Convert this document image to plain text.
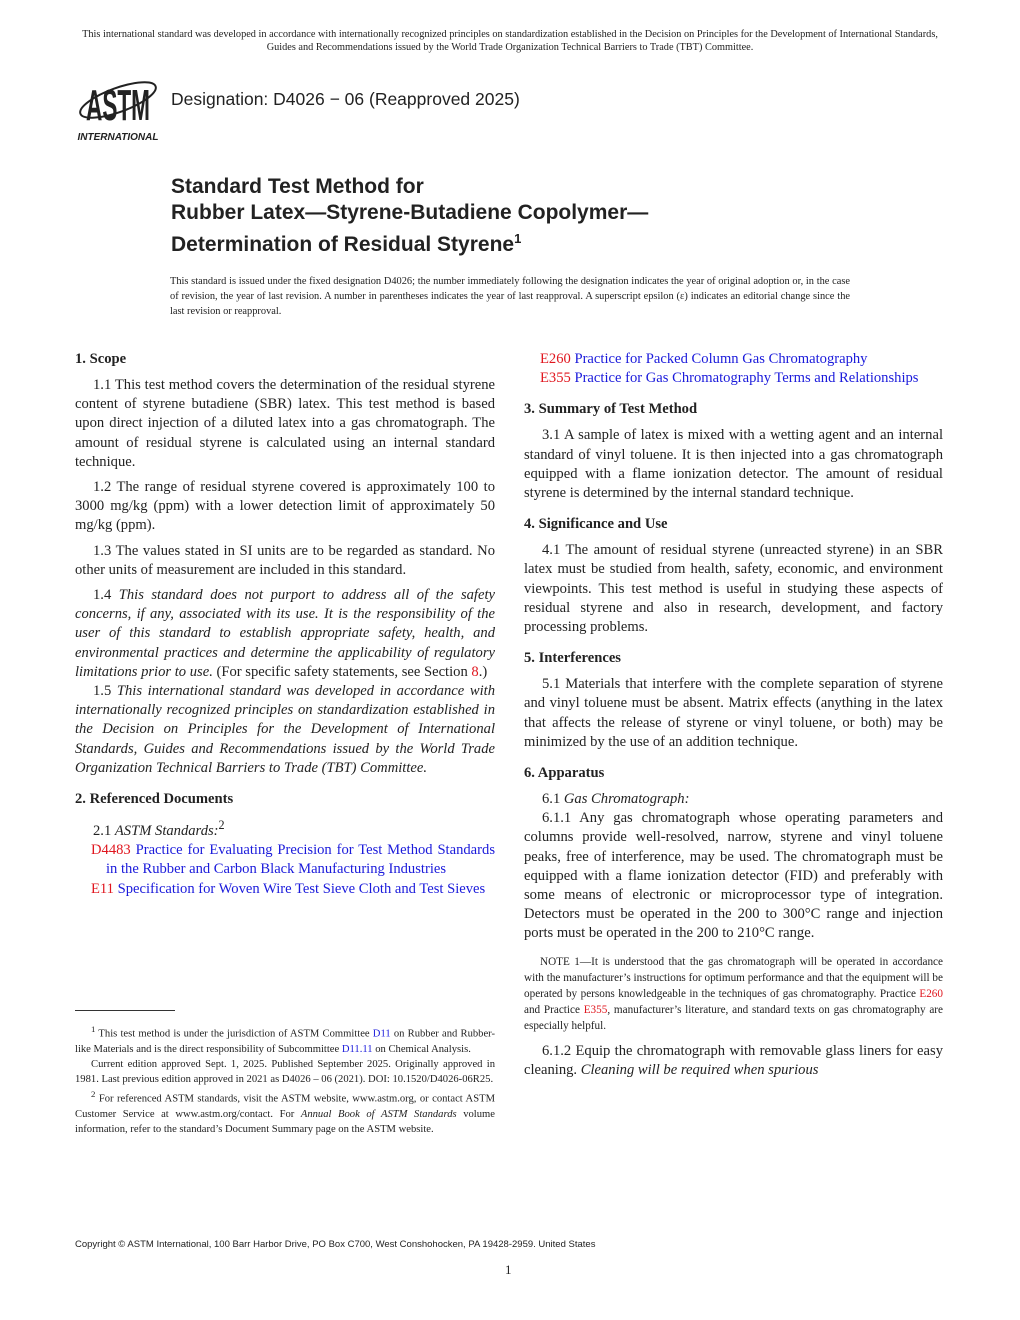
This international standard was developed in accordance with internationally recognized principles on standardization established in the Decision on Principles for the Development of International Standards, Guides and Recommendations issued by the World Trade Organization Technical Barriers to Trade (TBT) Committee.
ASTM
INTERNATIONAL
Designation: D4026 − 06 (Reapproved 2025)
Standard Test Method for
Rubber Latex—Styrene-Butadiene Copolymer—
Determination of Residual Styrene$^1$
This standard is issued under the fixed designation D4026; the number immediately following the designation indicates the year of original adoption or, in the case of revision, the year of last revision. A number in parentheses indicates the year of last reapproval. A superscript epsilon (ε) indicates an editorial change since the last revision or reapproval.
1. Scope

1.1 This test method covers the determination of the residual styrene content of styrene butadiene (SBR) latex. This test method is based upon direct injection of a diluted latex into a gas chromatograph. The amount of residual styrene is calculated using an internal standard technique.

1.2 The range of residual styrene covered is approximately 100 to 3000 mg/kg (ppm) with a lower detection limit of approximately 50 mg/kg (ppm).

1.3 The values stated in SI units are to be regarded as standard. No other units of measurement are included in this standard.

1.4 This standard does not purport to address all of the safety concerns, if any, associated with its use. It is the responsibility of the user of this standard to establish appropriate safety, health, and environmental practices and determine the applicability of regulatory limitations prior to use. (For specific safety statements, see Section 8.)

1.5 This international standard was developed in accordance with internationally recognized principles on standardization established in the Decision on Principles for the Development of International Standards, Guides and Recommendations issued by the World Trade Organization Technical Barriers to Trade (TBT) Committee.

2. Referenced Documents

2.1 ASTM Standards:$^2$

D4483 Practice for Evaluating Precision for Test Method Standards in the Rubber and Carbon Black Manufacturing Industries

E11 Specification for Woven Wire Test Sieve Cloth and Test Sieves

$^1$ This test method is under the jurisdiction of ASTM Committee D11 on Rubber and Rubber-like Materials and is the direct responsibility of Subcommittee D11.11 on Chemical Analysis.

Current edition approved Sept. 1, 2025. Published September 2025. Originally approved in 1981. Last previous edition approved in 2021 as D4026 – 06 (2021). DOI: 10.1520/D4026-06R25.

$^2$ For referenced ASTM standards, visit the ASTM website, www.astm.org, or contact ASTM Customer Service at www.astm.org/contact. For Annual Book of ASTM Standards volume information, refer to the standard’s Document Summary page on the ASTM website.

E260 Practice for Packed Column Gas Chromatography

E355 Practice for Gas Chromatography Terms and Relationships

3. Summary of Test Method

3.1 A sample of latex is mixed with a wetting agent and an internal standard of vinyl toluene. It is then injected into a gas chromatograph equipped with a flame ionization detector. The amount of residual styrene is determined by the internal standard technique.

4. Significance and Use

4.1 The amount of residual styrene (unreacted styrene) in an SBR latex must be studied from health, safety, economic, and environment viewpoints. This test method is useful in studying these aspects of residual styrene and also in research, development, and factory processing problems.

5. Interferences

5.1 Materials that interfere with the complete separation of styrene and vinyl toluene must be absent. Matrix effects (anything in the latex that affects the release of styrene or vinyl toluene, or both) may be minimized by the use of an addition technique.

6. Apparatus

6.1 Gas Chromatograph:

6.1.1 Any gas chromatograph whose operating parameters and columns provide well-resolved, narrow, styrene and vinyl toluene peaks, free of interference, may be used. The chromatograph must be equipped with a flame ionization detector (FID) and preferably with some means of electronic or microprocessor type of integration. Detectors must be operated in the 200 to 300°C range and injection ports must be operated in the 200 to 210°C range.

NOTE 1—It is understood that the gas chromatograph will be operated in accordance with the manufacturer’s instructions for optimum performance and that the equipment will be operated by persons knowledgeable in the techniques of gas chromatography. Practice E260 and Practice E355, manufacturer’s literature, and standard texts on gas chromatography are especially helpful.

6.1.2 Equip the chromatograph with removable glass liners for easy cleaning. Cleaning will be required when spurious

Copyright © ASTM International, 100 Barr Harbor Drive, PO Box C700, West Conshohocken, PA 19428-2959. United States
1
